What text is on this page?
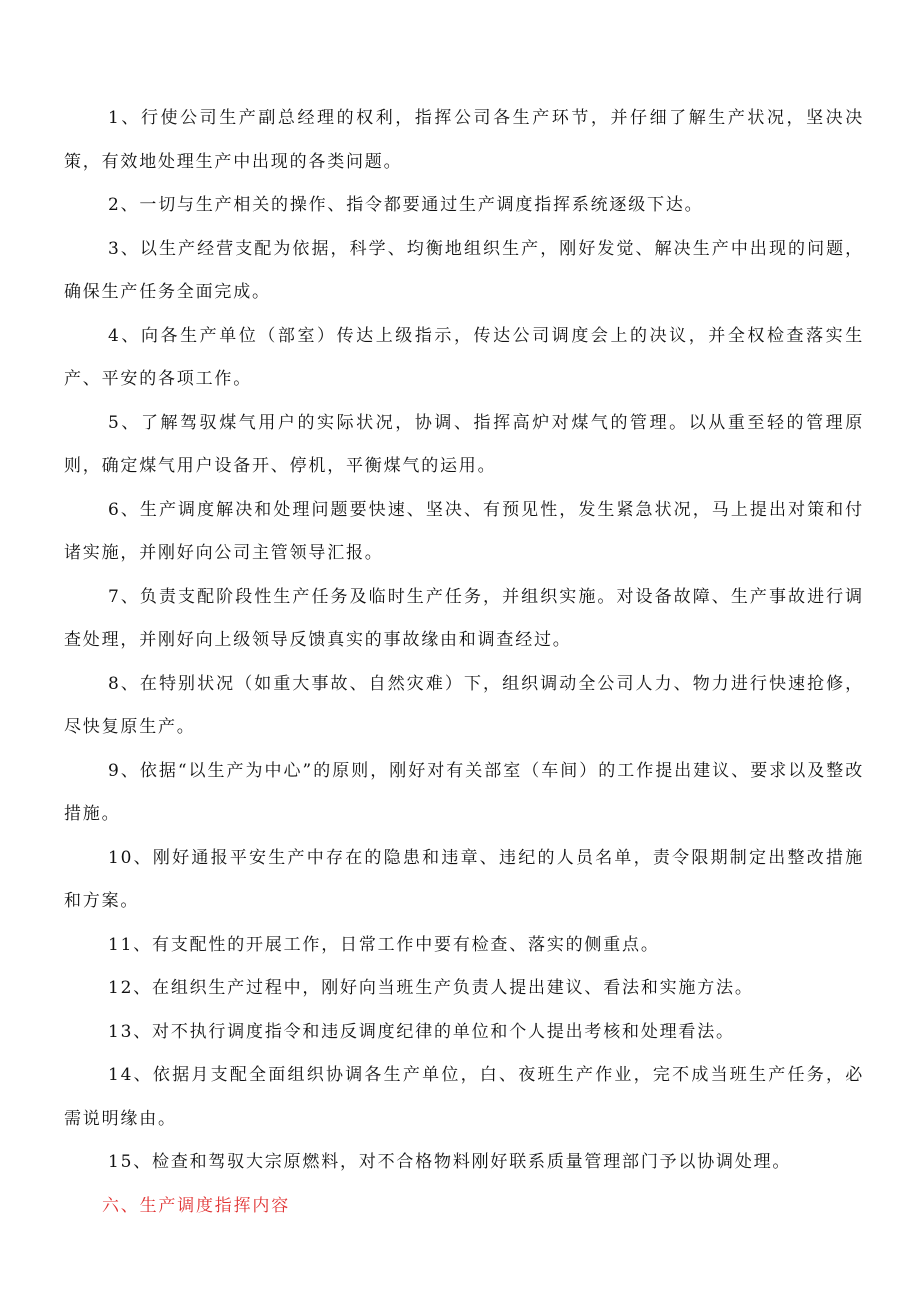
1、行使公司生产副总经理的权利，指挥公司各生产环节，并仔细了解生产状况，坚决决策，有效地处理生产中出现的各类问题。

2、一切与生产相关的操作、指令都要通过生产调度指挥系统逐级下达。

3、以生产经营支配为依据，科学、均衡地组织生产，刚好发觉、解决生产中出现的问题，确保生产任务全面完成。

4、向各生产单位（部室）传达上级指示，传达公司调度会上的决议，并全权检查落实生产、平安的各项工作。

5、了解驾驭煤气用户的实际状况，协调、指挥高炉对煤气的管理。以从重至轻的管理原则，确定煤气用户设备开、停机，平衡煤气的运用。

6、生产调度解决和处理问题要快速、坚决、有预见性，发生紧急状况，马上提出对策和付诸实施，并刚好向公司主管领导汇报。

7、负责支配阶段性生产任务及临时生产任务，并组织实施。对设备故障、生产事故进行调查处理，并刚好向上级领导反馈真实的事故缘由和调查经过。

8、在特别状况（如重大事故、自然灾难）下，组织调动全公司人力、物力进行快速抢修，尽快复原生产。

9、依据“以生产为中心”的原则，刚好对有关部室（车间）的工作提出建议、要求以及整改措施。

10、刚好通报平安生产中存在的隐患和违章、违纪的人员名单，责令限期制定出整改措施和方案。

11、有支配性的开展工作，日常工作中要有检查、落实的侧重点。

12、在组织生产过程中，刚好向当班生产负责人提出建议、看法和实施方法。

13、对不执行调度指令和违反调度纪律的单位和个人提出考核和处理看法。

14、依据月支配全面组织协调各生产单位，白、夜班生产作业，完不成当班生产任务，必需说明缘由。

15、检查和驾驭大宗原燃料，对不合格物料刚好联系质量管理部门予以协调处理。

六、生产调度指挥内容
